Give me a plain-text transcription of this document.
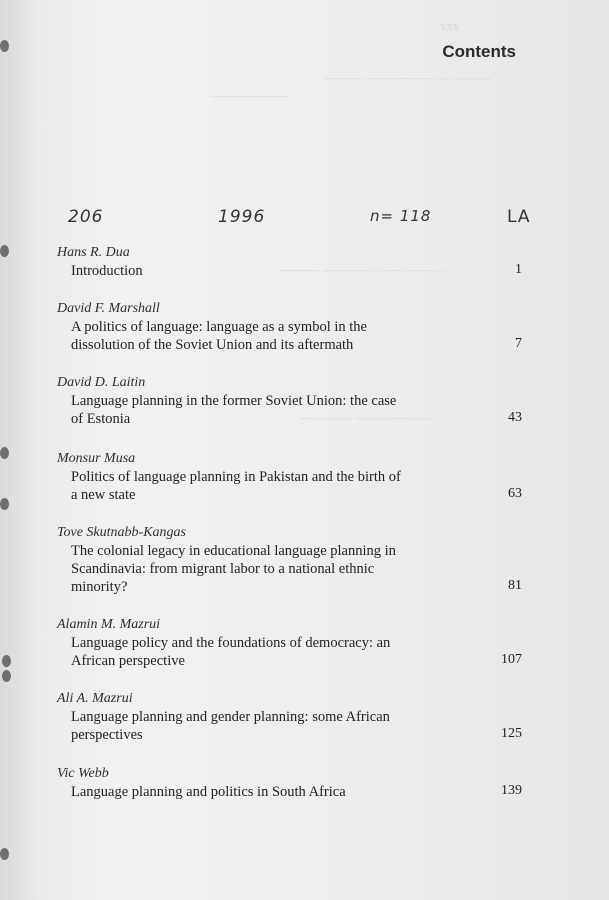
xxx
——— ————— — ———
——————
——— ———— —— ———
———— ——————
Contents
206	1996	n= 118	LA
Hans R. Dua
Introduction	1
David F. Marshall
A politics of language: language as a symbol in the dissolution of the Soviet Union and its aftermath	7
David D. Laitin
Language planning in the former Soviet Union: the case of Estonia	43
Monsur Musa
Politics of language planning in Pakistan and the birth of a new state	63
Tove Skutnabb-Kangas
The colonial legacy in educational language planning in Scandinavia: from migrant labor to a national ethnic minority?	81
Alamin M. Mazrui
Language policy and the foundations of democracy: an African perspective	107
Ali A. Mazrui
Language planning and gender planning: some African perspectives	125
Vic Webb
Language planning and politics in South Africa	139
